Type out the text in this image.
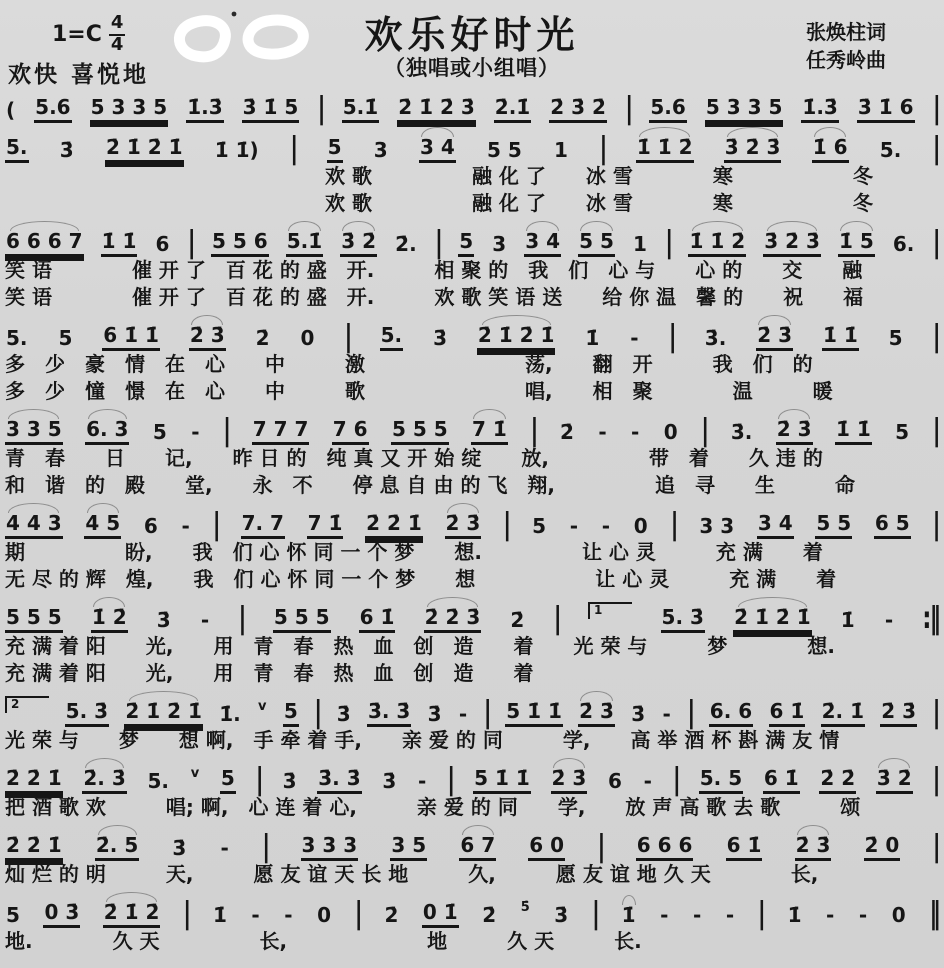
$1=C \frac{4}{4}$	欢乐好时光
（独唱或小组唱）
张焕柱词
任秀岭曲
欢快 喜悦地
( 5.6 5 3 3 5 1̇.3̇ 3̇ 1̇ 5 | 5.1̇ 2̇ 1̇ 2̇ 3̇ 2̇.1̇ 2̇ 3̇ 2̇ | 5.6 5 3 3 5 1̇.3̇ 3̇ 1̇ 6 |
5. 3̇ 2̇ 1̇ 2̇ 1̇ 1̇ 1̇) | 5 3 3 4 5 5 1 | 1̇ 1̇ 2̇ 3̇ 2̇ 3̇ 1̇ 6 5. |
　　　　　　　　　　　　　　　　欢 歌　　　　　融 化 了　　冰 雪　　　　寒　　　　　　冬
　　　　　　　　　　　　　　　　欢 歌　　　　　融 化 了　　冰 雪　　　　寒　　　　　　冬
6 6 6 7 1̇ 1̇ 6 | 5 5 6 5.1̇ 3̇ 2̇ 2̇. | 5 3 3 4 5 5 1 | 1̇ 1̇ 2̇ 3̇ 2̇ 3̇ 1̇ 5 6. |
笑 语　　　　催 开 了　百 花 的 盛　开.　　　相 聚 的　我　们　心 与　　心 的　　交　　融
笑 语　　　　催 开 了　百 花 的 盛　开.　　　欢 歌 笑 语 送　　给 你 温　馨 的　　祝　　福
5. 5 6 1̇ 1̇ 2̇ 3̇ 2̇ 0 | 5. 3̇ 2̇ 1̇ 2̇ 1̇ 1̇ - | 3̇. 2̇ 3̇ 1̇ 1̇ 5 |
多　少　豪　情　在　心　　中　　　激　　　　　　　　荡,　　翻　开　　　我　们　的
多　少　憧　憬　在　心　　中　　　歌　　　　　　　　唱,　　相　聚　　　　温　　　暖
3 3 5 6. 3 5 - | 7 7 7 7 6 5 5 5 7 1̇ | 2̇ - - 0 | 3̇. 2̇ 3̇ 1̇ 1̇ 5 |
青　春　　日　　记,　　昨 日 的　纯 真 又 开 始 绽　　放,　　　　　带　着　　久 违 的
和　谐　的　殿　　堂,　　永　不　　停 息 自 由 的 飞　翔,　　　　　追　寻　　生　　　命
4 4 3 4 5 6 - | 7. 7 7 1̇ 2̇ 2̇ 1̇ 2̇ 3̇ | 5 - - 0 | 3 3 3 4 5 5 6 5 |
期　　　　　盼,　　我　们 心 怀 同 一 个 梦　　想.　　　　　让 心 灵　　　充 满　　着
无 尽 的 辉　煌,　　我　们 心 怀 同 一 个 梦　　想　　　　　　让 心 灵　　　充 满　　着
5 5 5 1̇ 2̇ 3̇ - | 5 5 5 6 1̇ 2̇ 2̇ 3̇ 2̇ |	1	5. 3̇ 2̇ 1̇ 2̇ 1̇ 1̇ - :‖
充 满 着 阳　　光,　　用　青　春　热　血　创　造　　着　　光 荣 与　　　梦　　　　想.
充 满 着 阳　　光,　　用　青　春　热　血　创　造　　着
2	5. 3̇ 2̇ 1̇ 2̇ 1̇ 1̇. v 5 | 3̇ 3̇. 3̇ 3̇ - | 5 1̇ 1̇ 2̇ 3̇ 3̇ - | 6. 6 6 1̇ 2̇. 1̇ 2̇ 3̇ |
光 荣 与　　梦　　想 啊,　手 牵 着 手,　　亲 爱 的 同　　　学,　　高 举 酒 杯 斟 满 友 情
2̇ 2̇ 1̇ 2̇. 3̇ 5. v 5 | 3̇ 3̇. 3̇ 3̇ - | 5 1̇ 1̇ 2̇ 3̇ 6 - | 5. 5 6 1̇ 2̇ 2̇ 3̇ 2̇ |
把 酒 歌 欢　　　唱; 啊,　心 连 着 心,　　　亲 爱 的 同　　学,　　放 声 高 歌 去 歌　　　颂
2̇ 2̇ 1̇ 2̇. 5 3̇ - | 3 3 3 3 5 6 7 6 0 | 6 6 6 6 1̇ 2̇ 3̇ 2̇ 0 |
灿 烂 的 明　　　天,　　　愿 友 谊 天 长 地　　　久,　　　愿 友 谊 地 久 天　　　　长,
5 0 3̇ 2̇ 1̇ 2̇ | 1̇ - - 0 | 2̇ 0 1̇ 2̇ 5̇ 3̇ | 1̇ - - - | 1̇ - - 0 ‖
地.　　　　久 天　　　　　长,　　　　　　　地　　　久 天　　　长.
